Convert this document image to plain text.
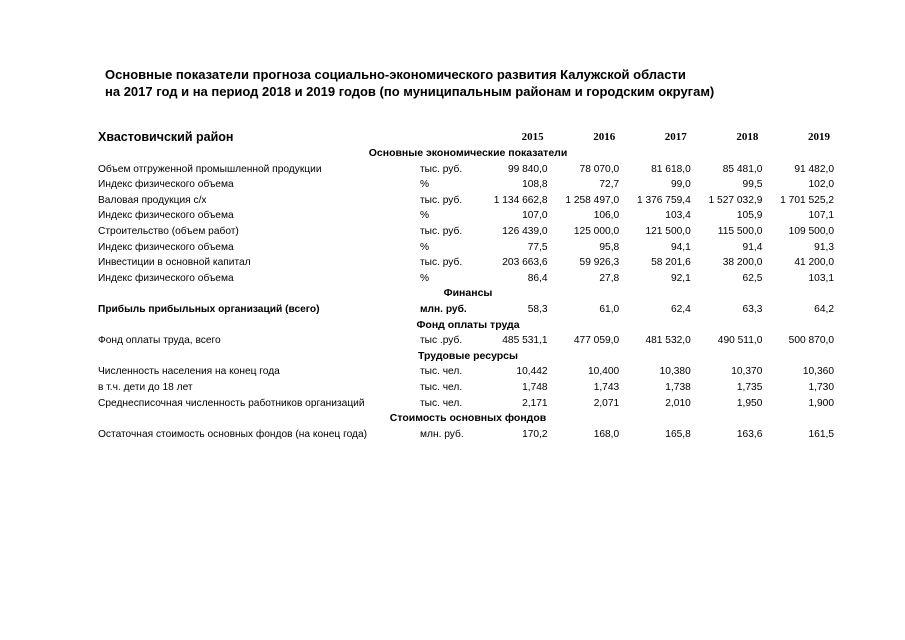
Основные показатели прогноза социально-экономического развития Калужской области
на 2017 год и на период 2018 и 2019 годов (по муниципальным районам и городским округам)
Хвастовичский район		2015	2016	2017	2018	2019
Основные экономические показатели						
Объем отгруженной промышленной продукции	тыс. руб.	99 840,0	78 070,0	81 618,0	85 481,0	91 482,0
Индекс физического объема	%	108,8	72,7	99,0	99,5	102,0
Валовая продукция с/х	тыс. руб.	1 134 662,8	1 258 497,0	1 376 759,4	1 527 032,9	1 701 525,2
Индекс физического объема	%	107,0	106,0	103,4	105,9	107,1
Строительство (объем работ)	тыс. руб.	126 439,0	125 000,0	121 500,0	115 500,0	109 500,0
Индекс физического объема	%	77,5	95,8	94,1	91,4	91,3
Инвестиции в основной капитал	тыс. руб.	203 663,6	59 926,3	58 201,6	38 200,0	41 200,0
Индекс физического объема	%	86,4	27,8	92,1	62,5	103,1
Финансы						
Прибыль прибыльных организаций (всего)	млн. руб.	58,3	61,0	62,4	63,3	64,2
Фонд оплаты труда						
Фонд оплаты труда, всего	тыс .руб.	485 531,1	477 059,0	481 532,0	490 511,0	500 870,0
Трудовые ресурсы						
Численность населения на конец года	тыс. чел.	10,442	10,400	10,380	10,370	10,360
в т.ч. дети до 18 лет	тыс. чел.	1,748	1,743	1,738	1,735	1,730
Среднесписочная численность работников организаций	тыс. чел.	2,171	2,071	2,010	1,950	1,900
Стоимость основных фондов						
Остаточная стоимость основных фондов (на конец года)	млн. руб.	170,2	168,0	165,8	163,6	161,5
